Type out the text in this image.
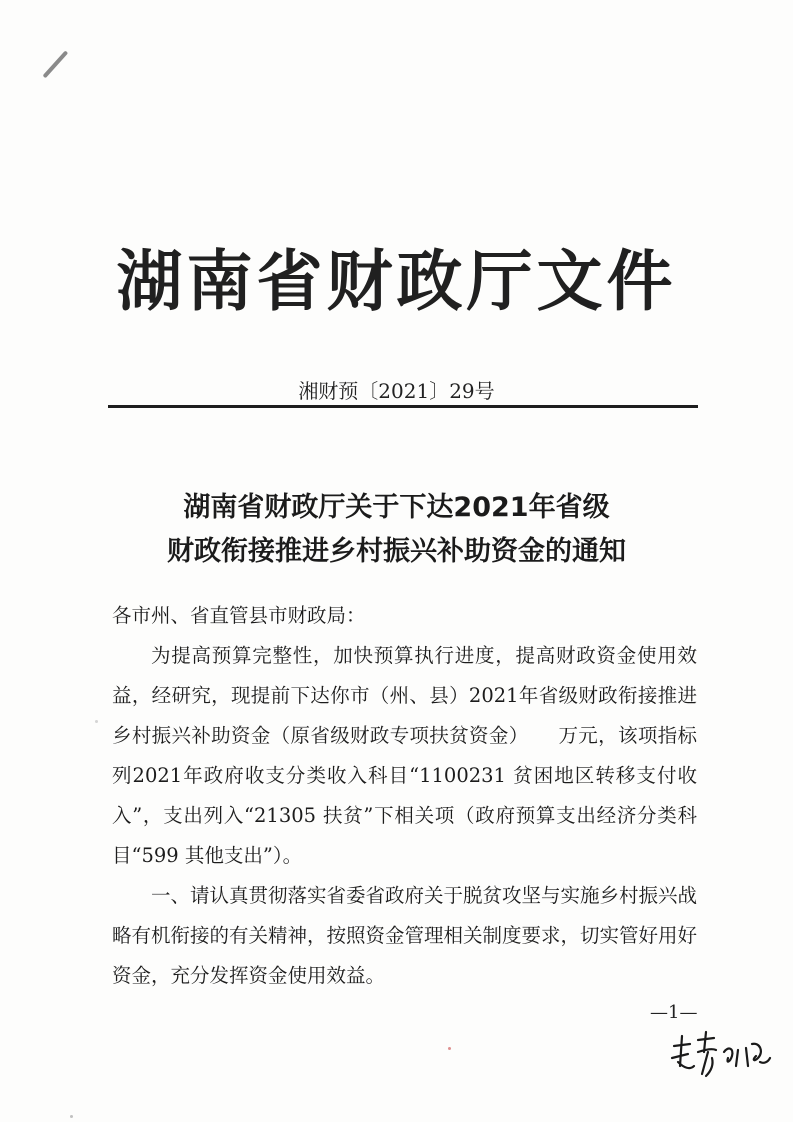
湖南省财政厅文件
湘财预〔2021〕29号
湖南省财政厅关于下达2021年省级
财政衔接推进乡村振兴补助资金的通知

各市州、省直管县市财政局：

为提高预算完整性，加快预算执行进度，提高财政资金使用效益，经研究，现提前下达你市（州、县）2021年省级财政衔接推进乡村振兴补助资金（原省级财政专项扶贫资金）　　万元，该项指标列2021年政府收支分类收入科目“1100231 贫困地区转移支付收入”，支出列入“21305 扶贫”下相关项（政府预算支出经济分类科目“599 其他支出”）。

一、请认真贯彻落实省委省政府关于脱贫攻坚与实施乡村振兴战略有机衔接的有关精神，按照资金管理相关制度要求，切实管好用好资金，充分发挥资金使用效益。

—1—
